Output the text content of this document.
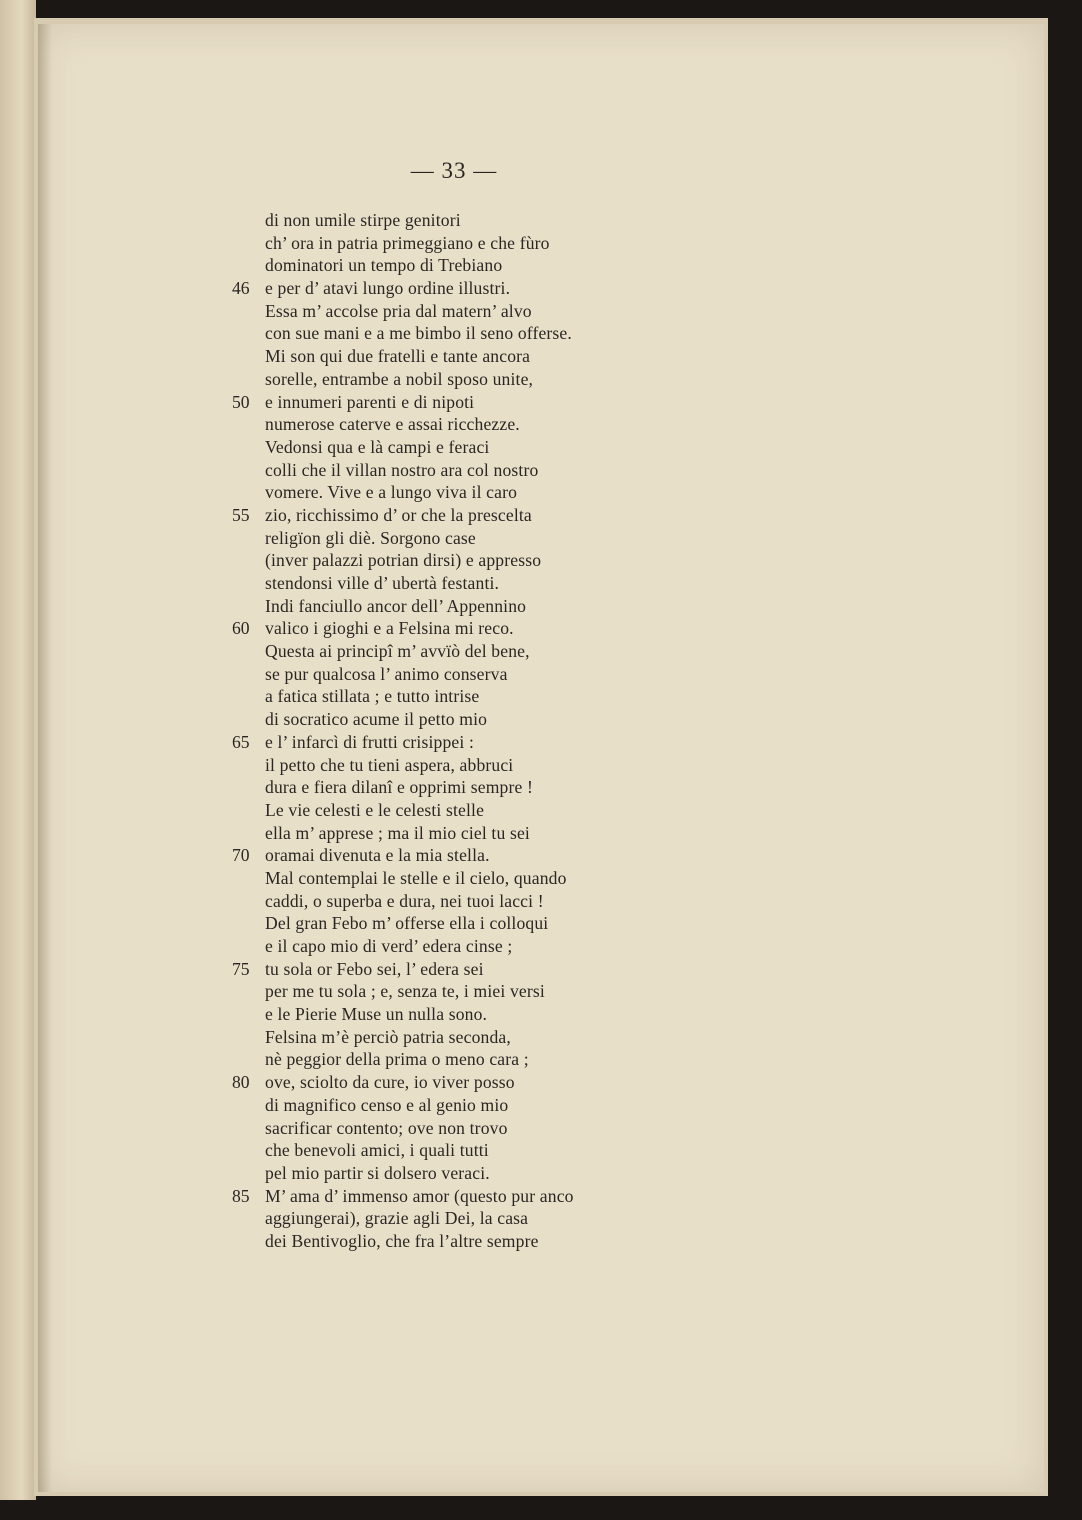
— 33 —
di non umile stirpe genitori
ch’ ora in patria primeggiano e che fùro
dominatori un tempo di Trebiano
46 e per d’ atavi lungo ordine illustri.
Essa m’ accolse pria dal matern’ alvo
con sue mani e a me bimbo il seno offerse.
Mi son qui due fratelli e tante ancora
sorelle, entrambe a nobil sposo unite,
50 e innumeri parenti e di nipoti
numerose caterve e assai ricchezze.
Vedonsi qua e là campi e feraci
colli che il villan nostro ara col nostro
vomere. Vive e a lungo viva il caro
55 zio, ricchissimo d’ or che la prescelta
religïon gli diè. Sorgono case
(inver palazzi potrian dirsi) e appresso
stendonsi ville d’ ubertà festanti.
Indi fanciullo ancor dell’ Appennino
60 valico i gioghi e a Felsina mi reco.
Questa ai principî m’ avvïò del bene,
se pur qualcosa l’ animo conserva
a fatica stillata ; e tutto intrise
di socratico acume il petto mio
65 e l’ infarcì di frutti crisippei :
il petto che tu tieni aspera, abbruci
dura e fiera dilanî e opprimi sempre !
Le vie celesti e le celesti stelle
ella m’ apprese ; ma il mio ciel tu sei
70 oramai divenuta e la mia stella.
Mal contemplai le stelle e il cielo, quando
caddi, o superba e dura, nei tuoi lacci !
Del gran Febo m’ offerse ella i colloqui
e il capo mio di verd’ edera cinse ;
75 tu sola or Febo sei, l’ edera sei
per me tu sola ; e, senza te, i miei versi
e le Pierie Muse un nulla sono.
Felsina m’è perciò patria seconda,
nè peggior della prima o meno cara ;
80 ove, sciolto da cure, io viver posso
di magnifico censo e al genio mio
sacrificar contento; ove non trovo
che benevoli amici, i quali tutti
pel mio partir si dolsero veraci.
85 M’ ama d’ immenso amor (questo pur anco
aggiungerai), grazie agli Dei, la casa
dei Bentivoglio, che fra l’altre sempre
